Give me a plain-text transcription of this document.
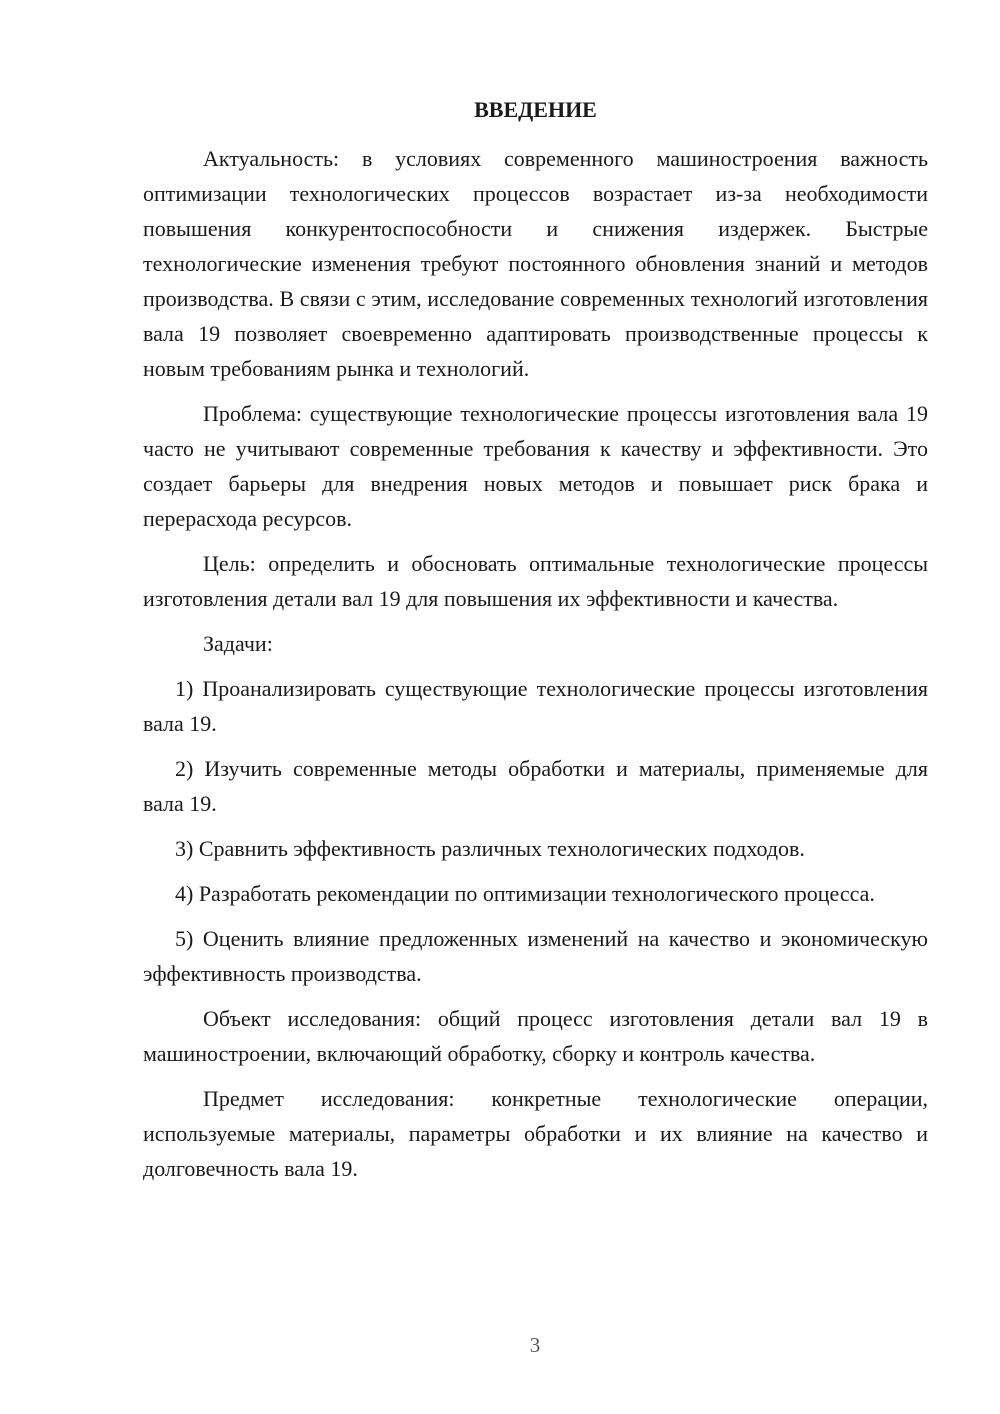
ВВЕДЕНИЕ

Актуальность: в условиях современного машиностроения важность оптимизации технологических процессов возрастает из-за необходимости повышения конкурентоспособности и снижения издержек. Быстрые технологические изменения требуют постоянного обновления знаний и методов производства. В связи с этим, исследование современных технологий изготовления вала 19 позволяет своевременно адаптировать производственные процессы к новым требованиям рынка и технологий.

Проблема: существующие технологические процессы изготовления вала 19 часто не учитывают современные требования к качеству и эффективности. Это создает барьеры для внедрения новых методов и повышает риск брака и перерасхода ресурсов.

Цель: определить и обосновать оптимальные технологические процессы изготовления детали вал 19 для повышения их эффективности и качества.

Задачи:

1) Проанализировать существующие технологические процессы изготовления вала 19.

2) Изучить современные методы обработки и материалы, применяемые для вала 19.

3) Сравнить эффективность различных технологических подходов.

4) Разработать рекомендации по оптимизации технологического процесса.

5) Оценить влияние предложенных изменений на качество и экономическую эффективность производства.

Объект исследования: общий процесс изготовления детали вал 19 в машиностроении, включающий обработку, сборку и контроль качества.

Предмет исследования: конкретные технологические операции, используемые материалы, параметры обработки и их влияние на качество и долговечность вала 19.

3
